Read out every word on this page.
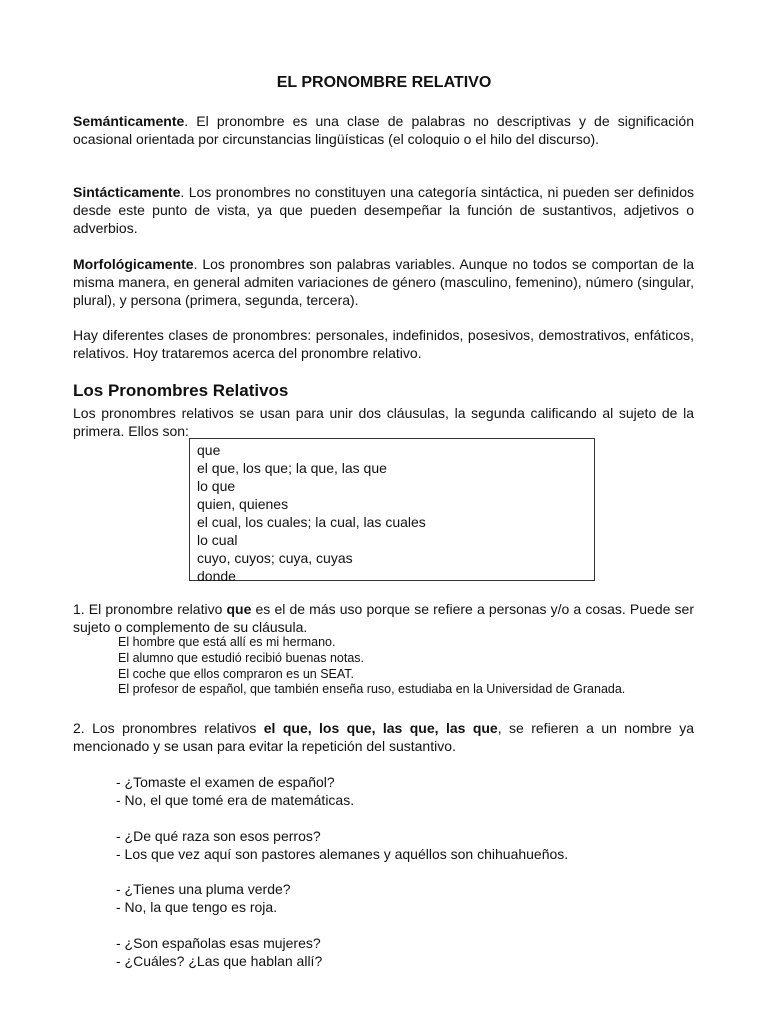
EL PRONOMBRE RELATIVO

Semánticamente. El pronombre es una clase de palabras no descriptivas y de significación ocasional orientada por circunstancias lingüísticas (el coloquio o el hilo del discurso).

Sintácticamente. Los pronombres no constituyen una categoría sintáctica, ni pueden ser definidos desde este punto de vista, ya que pueden desempeñar la función de sustantivos, adjetivos o adverbios.

Morfológicamente. Los pronombres son palabras variables. Aunque no todos se comportan de la misma manera, en general admiten variaciones de género (masculino, femenino), número (singular, plural), y persona (primera, segunda, tercera).

Hay diferentes clases de pronombres: personales, indefinidos, posesivos, demostrativos, enfáticos, relativos. Hoy trataremos acerca del pronombre relativo.

Los Pronombres Relativos

Los pronombres relativos se usan para unir dos cláusulas, la segunda calificando al sujeto de la primera. Ellos son:

que
el que, los que; la que, las que
lo que
quien, quienes
el cual, los cuales; la cual, las cuales
lo cual
cuyo, cuyos; cuya, cuyas
donde

1. El pronombre relativo que es el de más uso porque se refiere a personas y/o a cosas. Puede ser sujeto o complemento de su cláusula.

El hombre que está allí es mi hermano.
El alumno que estudió recibió buenas notas.
El coche que ellos compraron es un SEAT.
El profesor de español, que también enseña ruso, estudiaba en la Universidad de Granada.

2. Los pronombres relativos el que, los que, las que, las que, se refieren a un nombre ya mencionado y se usan para evitar la repetición del sustantivo.

- ¿Tomaste el examen de español?
- No, el que tomé era de matemáticas.

- ¿De qué raza son esos perros?
- Los que vez aquí son pastores alemanes y aquéllos son chihuahueños.

- ¿Tienes una pluma verde?
- No, la que tengo es roja.

- ¿Son españolas esas mujeres?
- ¿Cuáles? ¿Las que hablan allí?
